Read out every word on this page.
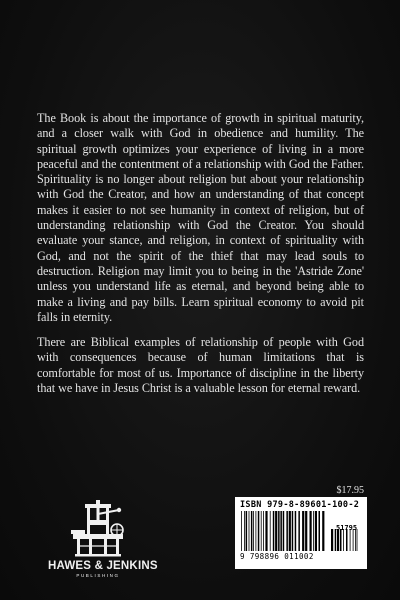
The Book is about the importance of growth in spiritual maturity, and a closer walk with God in obedience and humility. The spiritual growth optimizes your experience of living in a more peaceful and the contentment of a relationship with God the Father. Spirituality is no longer about religion but about your relationship with God the Creator, and how an understanding of that concept makes it easier to not see humanity in context of religion, but of understanding relationship with God the Creator. You should evaluate your stance, and religion, in context of spirituality with God, and not the spirit of the thief that may lead souls to destruction. Religion may limit you to being in the 'Astride Zone' unless you understand life as eternal, and beyond being able to make a living and pay bills. Learn spiritual economy to avoid pit falls in eternity.

There are Biblical examples of relationship of people with God with consequences because of human limitations that is comfortable for most of us. Importance of discipline in the liberty that we have in Jesus Christ is a valuable lesson for eternal reward.

$17.95
HAWES & JENKINS
PUBLISHING
ISBN 979-8-89601-100-2
51795
9 798896 011002
